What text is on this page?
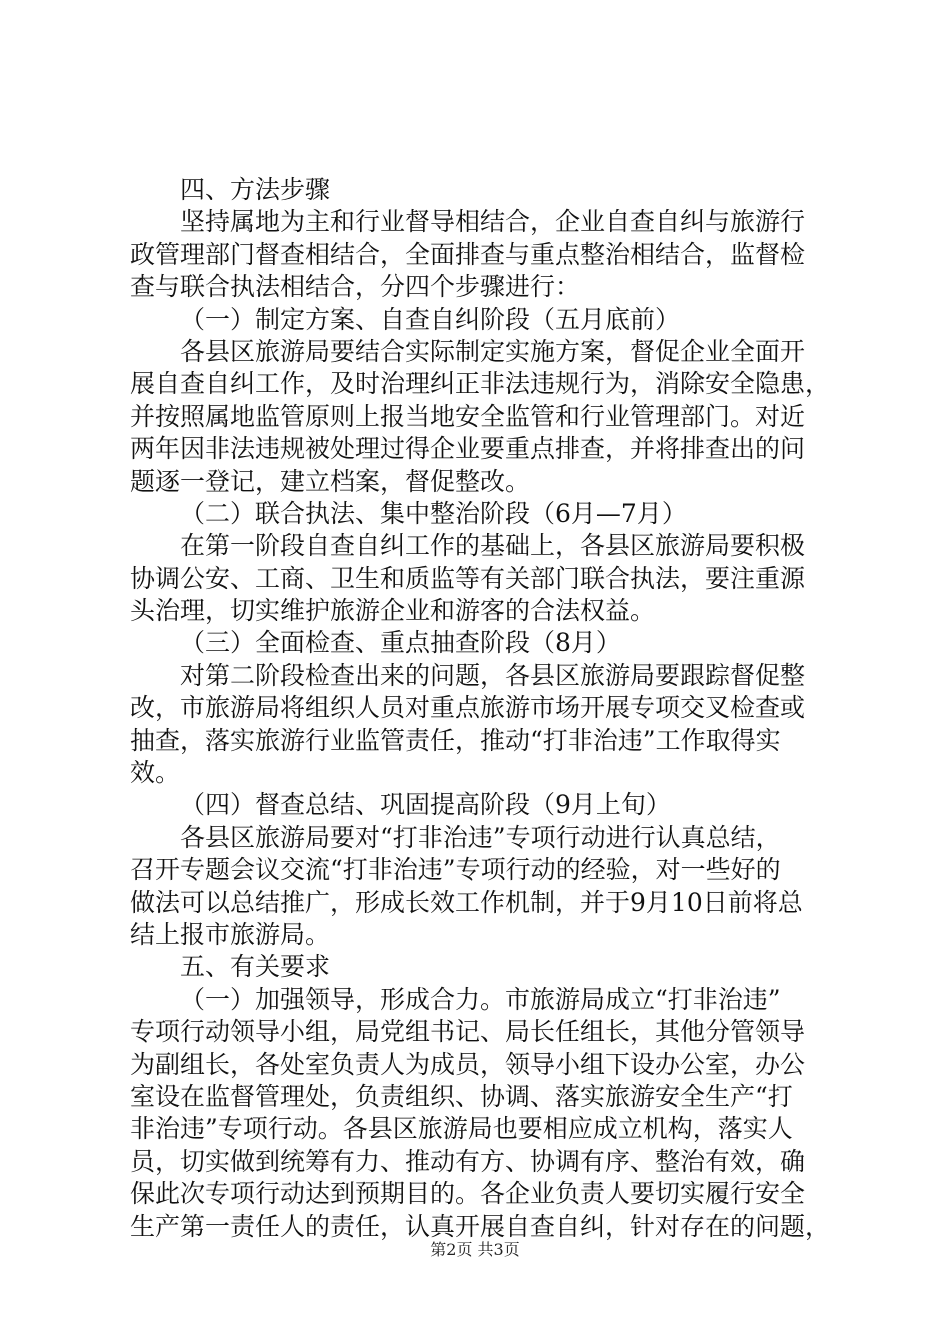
四、方法步骤
坚持属地为主和行业督导相结合，企业自查自纠与旅游行
政管理部门督查相结合，全面排查与重点整治相结合，监督检
查与联合执法相结合，分四个步骤进行：
（一）制定方案、自查自纠阶段（五月底前）
各县区旅游局要结合实际制定实施方案，督促企业全面开
展自查自纠工作，及时治理纠正非法违规行为，消除安全隐患，
并按照属地监管原则上报当地安全监管和行业管理部门。对近
两年因非法违规被处理过得企业要重点排查，并将排查出的问
题逐一登记，建立档案，督促整改。
（二）联合执法、集中整治阶段（6月—7月）
在第一阶段自查自纠工作的基础上，各县区旅游局要积极
协调公安、工商、卫生和质监等有关部门联合执法，要注重源
头治理，切实维护旅游企业和游客的合法权益。
（三）全面检查、重点抽查阶段（8月）
对第二阶段检查出来的问题，各县区旅游局要跟踪督促整
改，市旅游局将组织人员对重点旅游市场开展专项交叉检查或
抽查，落实旅游行业监管责任，推动“打非治违”工作取得实
效。
（四）督查总结、巩固提高阶段（9月上旬）
各县区旅游局要对“打非治违”专项行动进行认真总结，
召开专题会议交流“打非治违”专项行动的经验，对一些好的
做法可以总结推广，形成长效工作机制，并于9月10日前将总
结上报市旅游局。
五、有关要求
（一）加强领导，形成合力。市旅游局成立“打非治违”
专项行动领导小组，局党组书记、局长任组长，其他分管领导
为副组长，各处室负责人为成员，领导小组下设办公室，办公
室设在监督管理处，负责组织、协调、落实旅游安全生产“打
非治违”专项行动。各县区旅游局也要相应成立机构，落实人
员，切实做到统筹有力、推动有方、协调有序、整治有效，确
保此次专项行动达到预期目的。各企业负责人要切实履行安全
生产第一责任人的责任，认真开展自查自纠，针对存在的问题，
第2页 共3页
